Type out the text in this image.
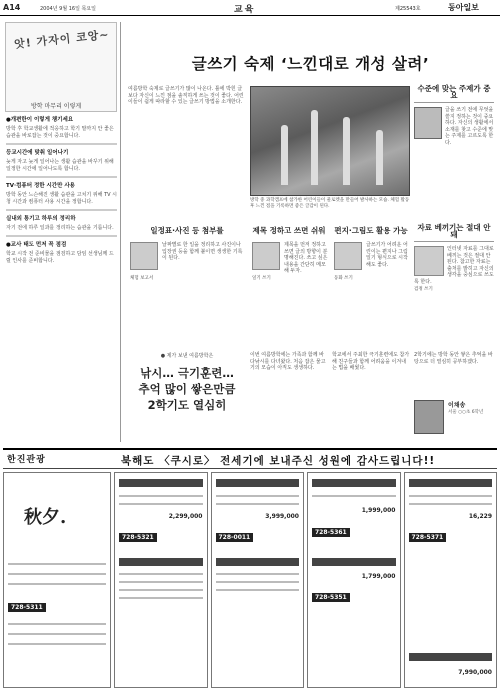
A14	2004년 9월 16일 목요일	교육	제25543호	동아일보
앗! 가자이 코앙~
방학 마무리 이렇게
●개편한이 이렇게 챙기세요
방학 후 학교생활에 적응하고 학기 말까지 안 좋은 습관을 바로잡는 것이 중요합니다.
등교시간에 맞춰 일어나기
늦게 자고 늦게 일어나는 생활 습관을 바꾸기 위해 일정한 시간에 일어나도록 합니다.
TV·컴퓨터 정한 시간만 사용
방학 동안 느슨해진 생활 습관을 고치기 위해 TV 시청 시간과 컴퓨터 사용 시간을 정합니다.
실내외 통기고 하루의 정리하
자기 전에 하루 일과를 정리하는 습관을 기릅니다.
●교사 태도 먼저 꼭 점검
학교 시작 전 준비물을 점검하고 담임 선생님께 드릴 인사를 준비합니다.
글쓰기 숙제 ‘느낀대로 개성 살려’
여름방학 숙제로 글쓰기가 많이 나온다. 틀에 박힌 글보다 자신이 느낀 점을 솔직하게 쓰는 것이 좋다. 어린이들이 쉽게 따라할 수 있는 글쓰기 방법을 소개한다.
방학 중 과학캠프에 참가한 어린이들이 물로켓을 만들어 발사하는 모습. 체험 활동 후 느낀 점을 기록하면 좋은 글감이 된다.
수준에 맞는 주제가 중요
글을 쓰기 전에 무엇을 쓸지 정하는 것이 중요하다. 자신의 생활에서 소재를 찾고 수준에 맞는 주제를 고르도록 한다.
일정표·사진 등 첨부를	제목 정하고 쓰면 쉬워	편지·그림도 활용 가능
날짜별로 한 일을 정리하고 사진이나 입장권 등을 함께 붙이면 생생한 기록이 된다.
체험 보고서
제목을 먼저 정하고 쓰면 글의 방향이 분명해진다. 쓰고 싶은 내용을 간단히 메모해 두자.
일기 쓰기
글쓰기가 어려운 어린이는 편지나 그림일기 형식으로 시작해도 좋다.
동화 쓰기
자료 베끼기는 절대 안돼
인터넷 자료를 그대로 베끼는 것은 절대 안 된다. 참고한 자료는 출처를 밝히고 자신의 생각을 중심으로 쓰도록 한다.
검정 쓰기
● 제가 보낸 여름방학은
낚시… 극기훈련…
추억 많이 쌓은만큼
2학기도 열심히
이번 여름방학에는 가족과 함께 바다낚시를 다녀왔다. 처음 잡은 물고기의 모습이 아직도 생생하다.
학교에서 주최한 극기훈련에도 참가해 친구들과 함께 어려움을 이겨내는 법을 배웠다.
2학기에는 방학 동안 쌓은 추억을 바탕으로 더 열심히 공부하겠다.
이채송
서울 ○○초 6학년
한진관광	북해도 〈쿠시로〉 전세기에 보내주신 성원에 감사드립니다!!
秋夕.
728-5311
2,299,000
728-5321
3,999,000
728-0011
1,999,000
728-5361
1,799,000
728-5351
16,229
728-5371
7,990,000
